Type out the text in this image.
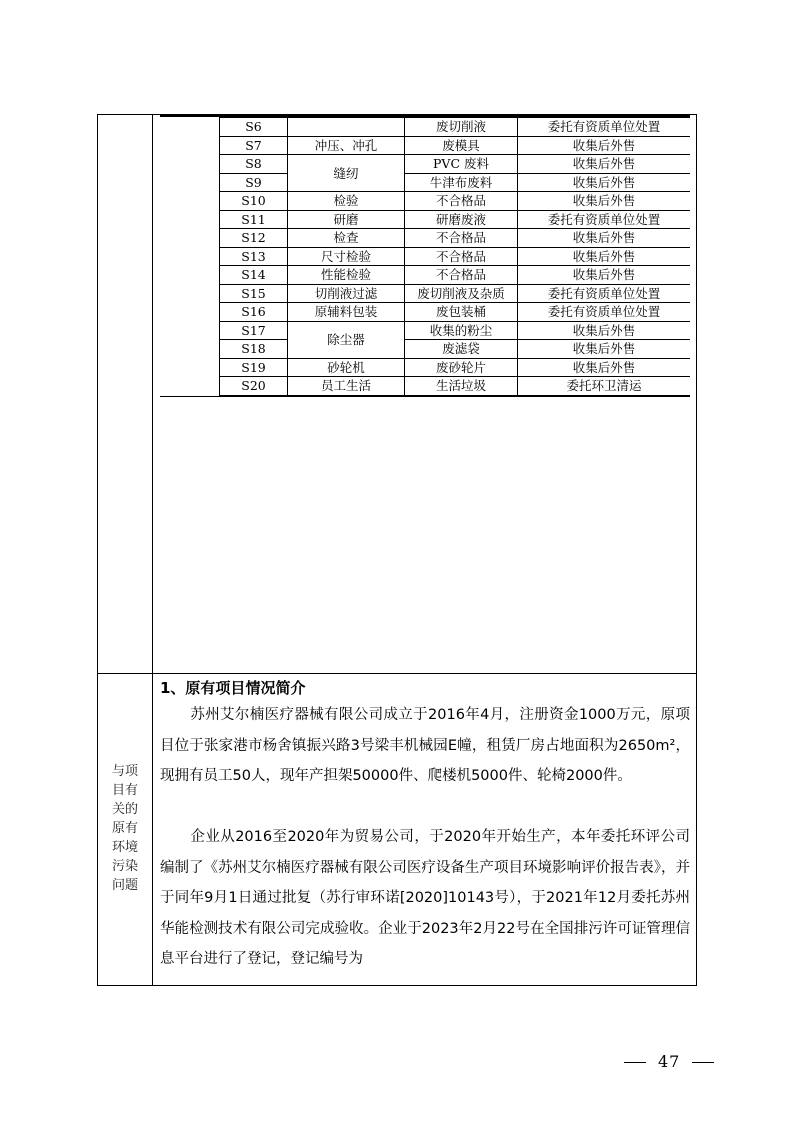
S6		废切削液	委托有资质单位处置
S7	冲压、冲孔	废模具	收集后外售
S8	缝纫	PVC 废料	收集后外售
S9		牛津布废料	收集后外售
S10	检验	不合格品	收集后外售
S11	研磨	研磨废液	委托有资质单位处置
S12	检查	不合格品	收集后外售
S13	尺寸检验	不合格品	收集后外售
S14	性能检验	不合格品	收集后外售
S15	切削液过滤	废切削液及杂质	委托有资质单位处置
S16	原辅料包装	废包装桶	委托有资质单位处置
S17	除尘器	收集的粉尘	收集后外售
S18		废滤袋	收集后外售
S19	砂轮机	废砂轮片	收集后外售
S20	员工生活	生活垃圾	委托环卫清运
与项
目有
关的
原有
环境
污染
问题
1、原有项目情况简介
苏州艾尔楠医疗器械有限公司成立于2016年4月，注册资金1000万元，原项目位于张家港市杨舍镇振兴路3号梁丰机械园E幢，租赁厂房占地面积为2650m²，现拥有员工50人，现年产担架50000件、爬楼机5000件、轮椅2000件。
企业从2016至2020年为贸易公司，于2020年开始生产，本年委托环评公司编制了《苏州艾尔楠医疗器械有限公司医疗设备生产项目环境影响评价报告表》，并于同年9月1日通过批复（苏行审环诺[2020]10143号），于2021年12月委托苏州华能检测技术有限公司完成验收。企业于2023年2月22号在全国排污许可证管理信息平台进行了登记，登记编号为
47
